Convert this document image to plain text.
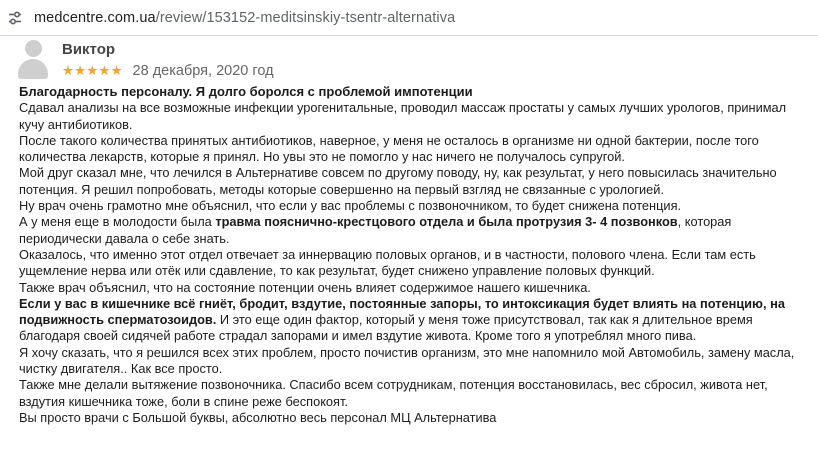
medcentre.com.ua/review/153152-meditsinskiy-tsentr-alternativa
Виктор
★ ★ ★ ★ ★ 28 декабря, 2020 год

Благодарность персоналу. Я долго боролся с проблемой импотенции

Сдавал анализы на все возможные инфекции урогенитальные, проводил массаж простаты у самых лучших урологов, принимал кучу антибиотиков.

После такого количества принятых антибиотиков, наверное, у меня не осталось в организме ни одной бактерии, после того количества лекарств, которые я принял. Но увы это не помогло у нас ничего не получалось супругой.

Мой друг сказал мне, что лечился в Альтернативе совсем по другому поводу, ну, как результат, у него повысилась значительно потенция. Я решил попробовать, методы которые совершенно на первый взгляд не связанные с урологией.

Ну врач очень грамотно мне объяснил, что если у вас проблемы с позвоночником, то будет снижена потенция.

А у меня еще в молодости была травма пояснично-крестцового отдела и была протрузия 3- 4 позвонков, которая периодически давала о себе знать.

Оказалось, что именно этот отдел отвечает за иннервацию половых органов, и в частности, полового члена. Если там есть ущемление нерва или отёк или сдавление, то как результат, будет снижено управление половых функций.

Также врач объяснил, что на состояние потенции очень влияет содержимое нашего кишечника.

Если у вас в кишечнике всё гниёт, бродит, вздутие, постоянные запоры, то интоксикация будет влиять на потенцию, на подвижность сперматозоидов. И это еще один фактор, который у меня тоже присутствовал, так как я длительное время благодаря своей сидячей работе страдал запорами и имел вздутие живота. Кроме того я употреблял много пива.

Я хочу сказать, что я решился всех этих проблем, просто почистив организм, это мне напомнило мой Автомобиль, замену масла, чистку двигателя.. Как все просто.

Также мне делали вытяжение позвоночника. Спасибо всем сотрудникам, потенция восстановилась, вес сбросил, живота нет, вздутия кишечника тоже, боли в спине реже беспокоят.

Вы просто врачи с Большой буквы, абсолютно весь персонал МЦ Альтернатива
